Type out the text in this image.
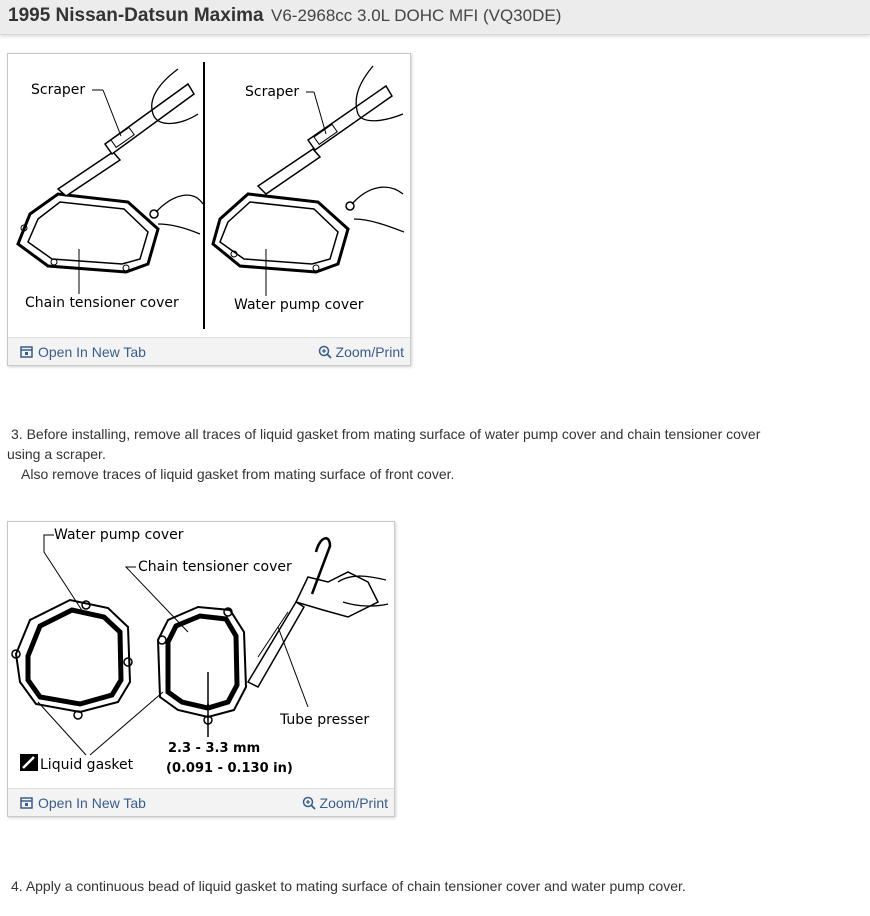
1995 Nissan-Datsun Maxima V6-2968cc 3.0L DOHC MFI (VQ30DE)
Scraper
Chain tensioner cover
Scraper
Water pump cover
Open In New Tab	Zoom/Print
3. Before installing, remove all traces of liquid gasket from mating surface of water pump cover and chain tensioner cover
using a scraper.
Also remove traces of liquid gasket from mating surface of front cover.
Water pump cover
Chain tensioner cover
Tube presser
Liquid gasket
2.3 - 3.3 mm
(0.091 - 0.130 in)
Open In New Tab	Zoom/Print
4. Apply a continuous bead of liquid gasket to mating surface of chain tensioner cover and water pump cover.
